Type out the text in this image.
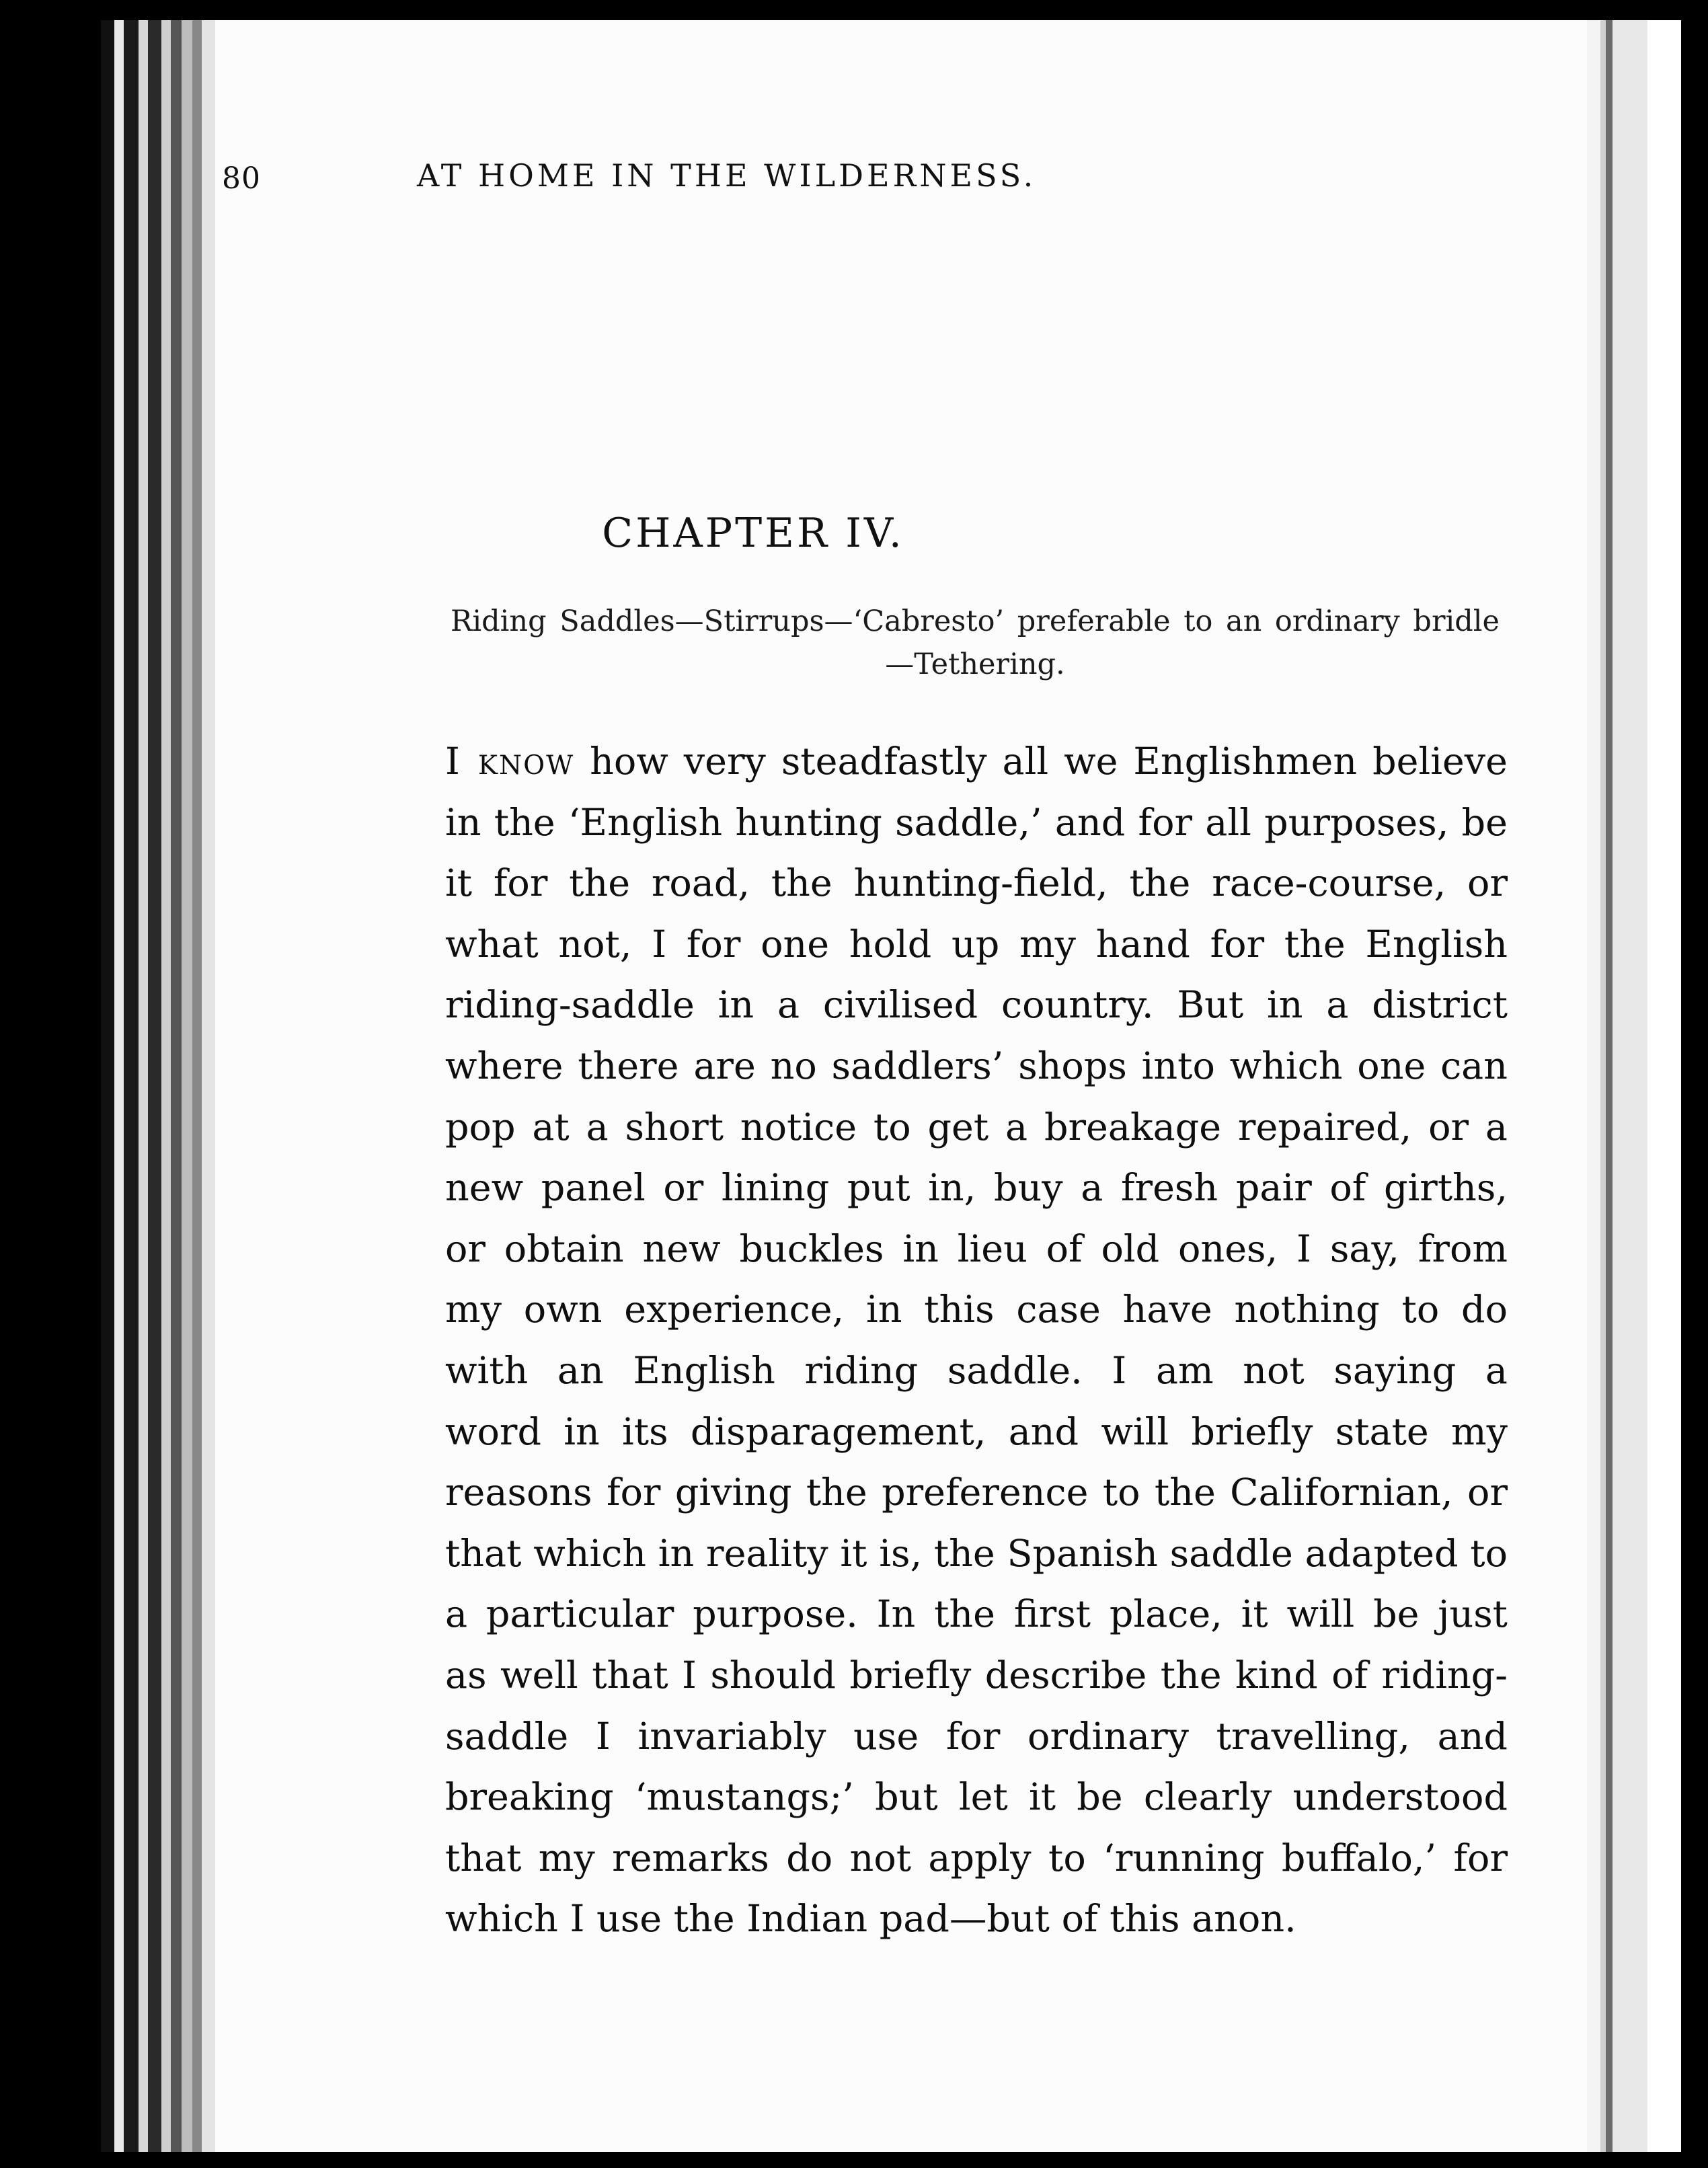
80	AT HOME IN THE WILDERNESS.
CHAPTER IV.
Riding Saddles—Stirrups—‘Cabresto’ preferable to an ordinary bridle—Tethering.
I know how very steadfastly all we Englishmen believe
in the ‘English hunting saddle,’ and for all purposes, be
it for the road, the hunting-field, the race-course, or
what not, I for one hold up my hand for the English
riding-saddle in a civilised country. But in a district
where there are no saddlers’ shops into which one can
pop at a short notice to get a breakage repaired, or a
new panel or lining put in, buy a fresh pair of girths,
or obtain new buckles in lieu of old ones, I say, from
my own experience, in this case have nothing to do
with an English riding saddle. I am not saying a
word in its disparagement, and will briefly state my
reasons for giving the preference to the Californian, or
that which in reality it is, the Spanish saddle adapted to
a particular purpose. In the first place, it will be just
as well that I should briefly describe the kind of riding-
saddle I invariably use for ordinary travelling, and
breaking ‘mustangs;’ but let it be clearly understood
that my remarks do not apply to ‘running buffalo,’ for
which I use the Indian pad—but of this anon.
